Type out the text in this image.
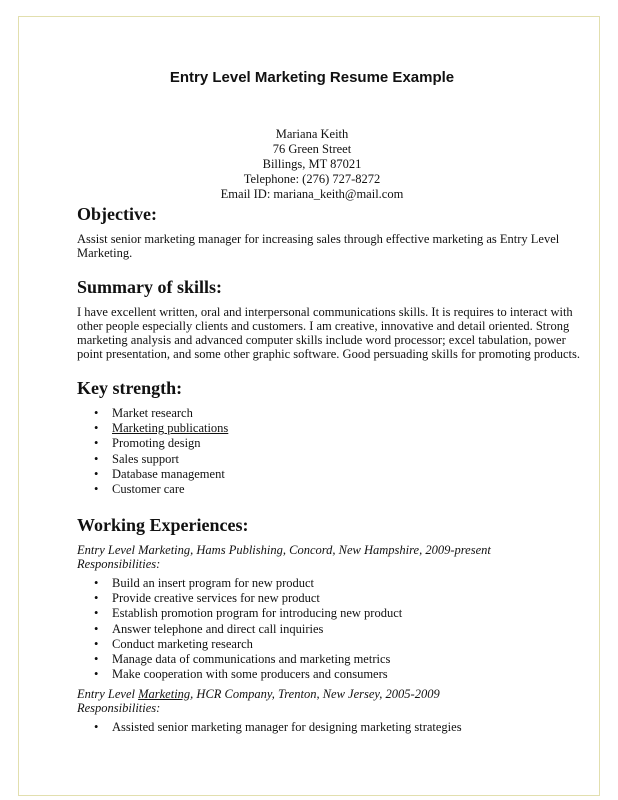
Entry Level Marketing Resume Example
Mariana Keith
76 Green Street
Billings, MT 87021
Telephone: (276) 727-8272
Email ID: mariana_keith@mail.com
Objective:

Assist senior marketing manager for increasing sales through effective marketing as Entry Level Marketing.

Summary of skills:

I have excellent written, oral and interpersonal communications skills. It is requires to interact with other people especially clients and customers. I am creative, innovative and detail oriented. Strong marketing analysis and advanced computer skills include word processor; excel tabulation, power point presentation, and some other graphic software. Good persuading skills for promoting products.

Key strength:
• Market research
• Marketing publications
• Promoting design
• Sales support
• Database management
• Customer care
Working Experiences:
Entry Level Marketing, Hams Publishing, Concord, New Hampshire, 2009-present
Responsibilities:
• Build an insert program for new product
• Provide creative services for new product
• Establish promotion program for introducing new product
• Answer telephone and direct call inquiries
• Conduct marketing research
• Manage data of communications and marketing metrics
• Make cooperation with some producers and consumers
Entry Level Marketing, HCR Company, Trenton, New Jersey, 2005-2009
Responsibilities:
• Assisted senior marketing manager for designing marketing strategies
